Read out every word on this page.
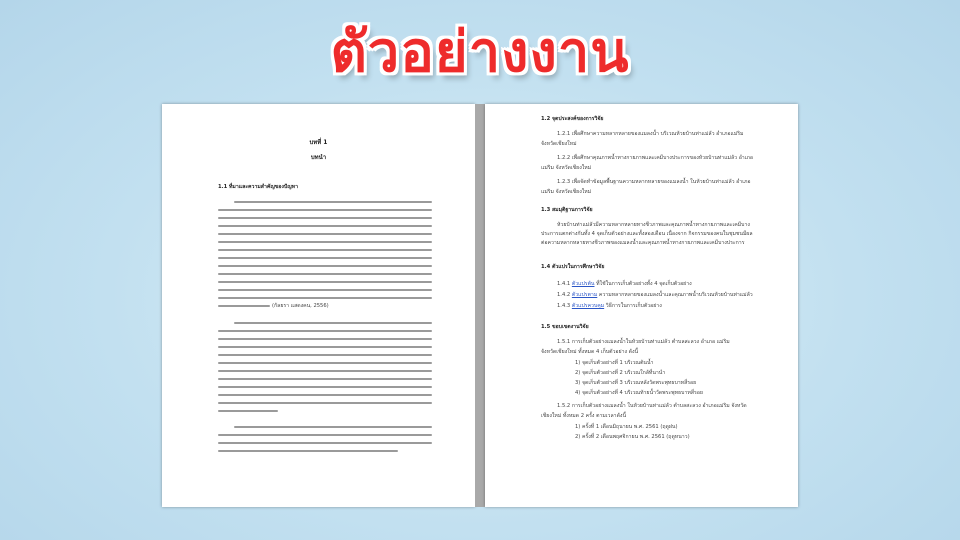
ตัวอย่างงาน
บทที่ 1
บทนำ
1.1 ที่มาและความสำคัญของปัญหา
(กัลยรา แสดงคน, 2556)
1.2 จุดประสงค์ของการวิจัย
1.2.1 เพื่อศึกษาความหลากหลายของแมลงน้ำ บริเวณห้วยบ้านท่าแม่ลัว อำเภอแม่ริม
จังหวัดเชียงใหม่
1.2.2 เพื่อศึกษาคุณภาพน้ำทางกายภาพและเคมีบางประการของห้วยบ้านท่าแม่ลัว อำเภอ
แม่ริม จังหวัดเชียงใหม่
1.2.3 เพื่อจัดทำข้อมูลพื้นฐานความหลากหลายของแมลงน้ำ ในห้วยบ้านท่าแม่ลัว อำเภอ
แม่ริม จังหวัดเชียงใหม่
1.3 สมมุติฐานการวิจัย
ห้วยบ้านท่าแม่ลัวมีความหลากหลายทางชีวภาพและคุณภาพน้ำทางกายภาพและเคมีบาง
ประการแตกต่างกันทั้ง 4 จุดเก็บตัวอย่างและทั้งสองเดือน เนื่องจาก กิจกรรมของคนในชุมชนมีผล
ต่อความหลากหลายทางชีวภาพของแมลงน้ำและคุณภาพน้ำทางกายภาพและเคมีบางประการ
1.4 ตัวแปรในการศึกษาวิจัย
1.4.1 ตัวแปรต้น ที่ใช้ในการเก็บตัวอย่างทั้ง 4 จุดเก็บตัวอย่าง
1.4.2 ตัวแปรตาม ความหลากหลายของแมลงน้ำและคุณภาพน้ำบริเวณห้วยบ้านท่าแม่ลัว
1.4.3 ตัวแปรควบคุม วิธีการในการเก็บตัวอย่าง
1.5 ขอบเขตงานวิจัย
1.5.1 การเก็บตัวอย่างแมลงน้ำในห้วยบ้านท่าแม่ลัว ตำบลสะลวง อำเภอ แม่ริม
จังหวัดเชียงใหม่ ทั้งหมด 4 เก็บตัวอย่าง ดังนี้
1) จุดเก็บตัวอย่างที่ 1 บริเวณต้นน้ำ
2) จุดเก็บตัวอย่างที่ 2 บริเวณใกล้ที่นานำ
3) จุดเก็บตัวอย่างที่ 3 บริเวณหลังวัดพระพุทธบาทสี่รอย
4) จุดเก็บตัวอย่างที่ 4 บริเวณท้ายน้ำวัดพระพุทธบาทสี่รอย
1.5.2 การเก็บตัวอย่างแมลงน้ำ ในห้วยบ้านท่าแม่ลัว ตำบลสะลวง อำเภอแม่ริม จังหวัด
เชียงใหม่ ทั้งหมด 2 ครั้ง ตามเวลาดังนี้
1) ครั้งที่ 1 เดือนมิถุนายน พ.ศ. 2561 (ฤดูฝน)
2) ครั้งที่ 2 เดือนพฤศจิกายน พ.ศ. 2561 (ฤดูหนาว)
